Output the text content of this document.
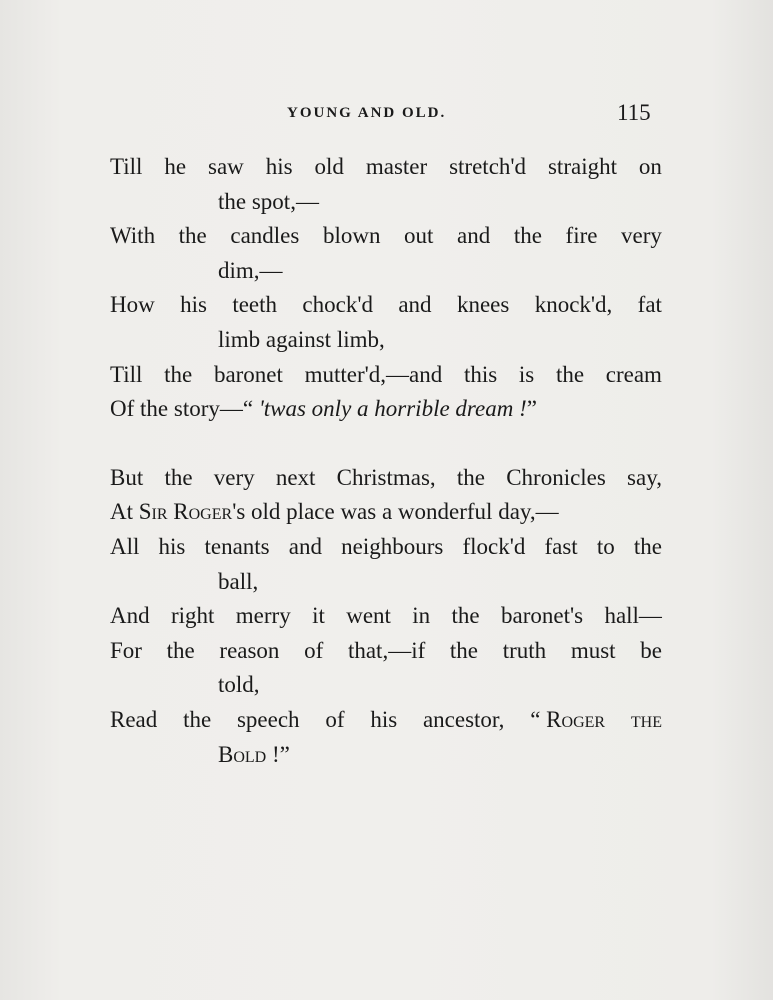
YOUNG AND OLD.	115
Till he saw his old master stretch'd straight on
the spot,—
With the candles blown out and the fire very
dim,—
How his teeth chock'd and knees knock'd, fat
limb against limb,
Till the baronet mutter'd,—and this is the cream
Of the story—“ 'twas only a horrible dream !”
But the very next Christmas, the Chronicles say,
At Sir Roger's old place was a wonderful day,—
All his tenants and neighbours flock'd fast to the
ball,
And right merry it went in the baronet's hall—
For the reason of that,—if the truth must be
told,
Read the speech of his ancestor, “ Roger the
Bold !”
